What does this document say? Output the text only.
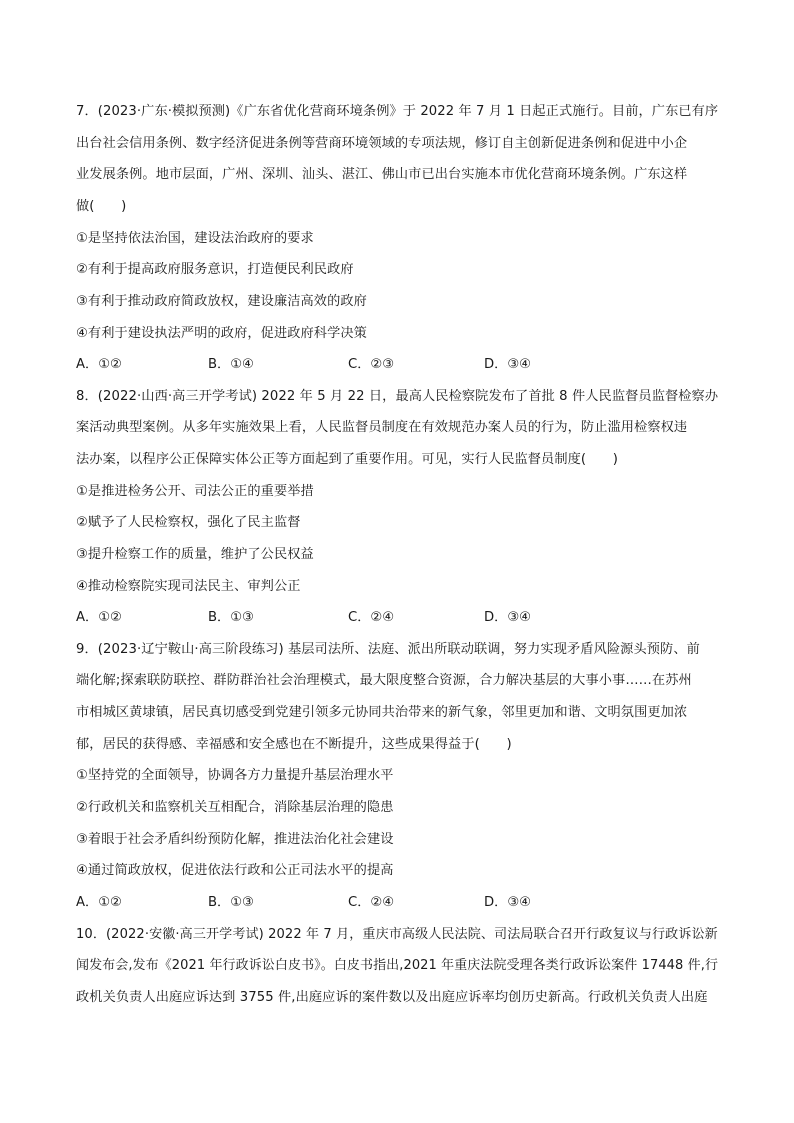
7．(2023·广东·模拟预测)《广东省优化营商环境条例》于 2022 年 7 月 1 日起正式施行。目前，广东已有序
出台社会信用条例、数字经济促进条例等营商环境领域的专项法规，修订自主创新促进条例和促进中小企
业发展条例。地市层面，广州、深圳、汕头、湛江、佛山市已出台实施本市优化营商环境条例。广东这样
做(　　)
①是坚持依法治国，建设法治政府的要求
②有利于提高政府服务意识，打造便民利民政府
③有利于推动政府简政放权，建设廉洁高效的政府
④有利于建设执法严明的政府，促进政府科学决策
A．①②	B．①④	C．②③	D．③④
8．(2022·山西·高三开学考试) 2022 年 5 月 22 日，最高人民检察院发布了首批 8 件人民监督员监督检察办
案活动典型案例。从多年实施效果上看，人民监督员制度在有效规范办案人员的行为，防止滥用检察权违
法办案，以程序公正保障实体公正等方面起到了重要作用。可见，实行人民监督员制度(　　)
①是推进检务公开、司法公正的重要举措
②赋予了人民检察权，强化了民主监督
③提升检察工作的质量，维护了公民权益
④推动检察院实现司法民主、审判公正
A．①②	B．①③	C．②④	D．③④
9．(2023·辽宁鞍山·高三阶段练习) 基层司法所、法庭、派出所联动联调，努力实现矛盾风险源头预防、前
端化解;探索联防联控、群防群治社会治理模式，最大限度整合资源，合力解决基层的大事小事……在苏州
市相城区黄埭镇，居民真切感受到党建引领多元协同共治带来的新气象，邻里更加和谐、文明氛围更加浓
郁，居民的获得感、幸福感和安全感也在不断提升，这些成果得益于(　　)
①坚持党的全面领导，协调各方力量提升基层治理水平
②行政机关和监察机关互相配合，消除基层治理的隐患
③着眼于社会矛盾纠纷预防化解，推进法治化社会建设
④通过简政放权，促进依法行政和公正司法水平的提高
A．①②	B．①③	C．②④	D．③④
10．(2022·安徽·高三开学考试) 2022 年 7 月，重庆市高级人民法院、司法局联合召开行政复议与行政诉讼新
闻发布会,发布《2021 年行政诉讼白皮书》。白皮书指出,2021 年重庆法院受理各类行政诉讼案件 17448 件,行
政机关负责人出庭应诉达到 3755 件,出庭应诉的案件数以及出庭应诉率均创历史新高。行政机关负责人出庭
